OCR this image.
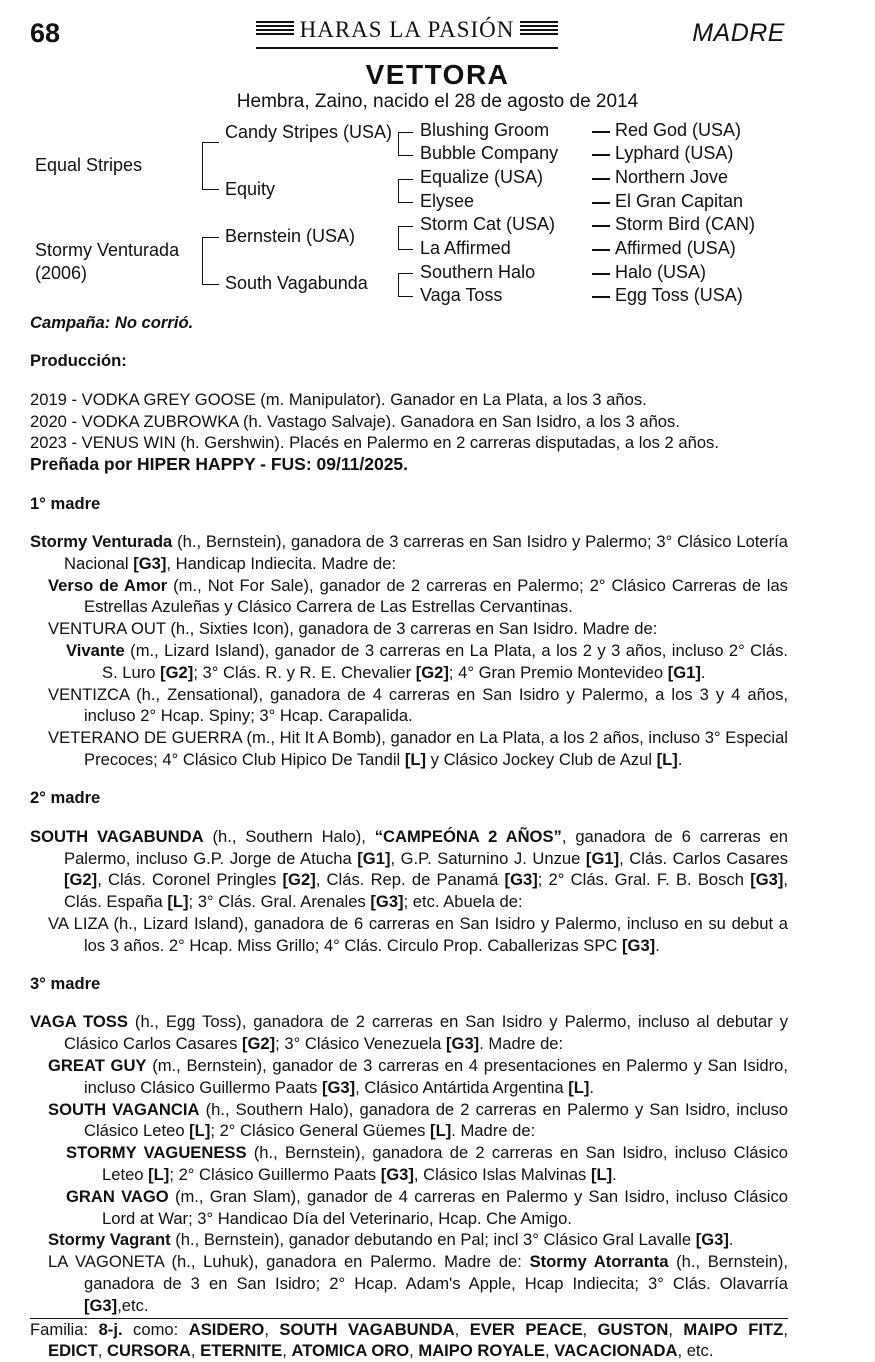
68	HARAS LA PASIÓN	MADRE
VETTORA
Hembra, Zaino, nacido el 28 de agosto de 2014
Equal Stripes
Stormy Venturada (2006)
Candy Stripes (USA)
Equity
Bernstein (USA)
South Vagabunda
Blushing Groom
Bubble Company
Equalize (USA)
Elysee
Storm Cat (USA)
La Affirmed
Southern Halo
Vaga Toss
Red God (USA)
Lyphard (USA)
Northern Jove
El Gran Capitan
Storm Bird (CAN)
Affirmed (USA)
Halo (USA)
Egg Toss (USA)

Campaña: No corrió.

Producción:

2019 - VODKA GREY GOOSE (m. Manipulator). Ganador en La Plata, a los 3 años.

2020 - VODKA ZUBROWKA (h. Vastago Salvaje). Ganadora en San Isidro, a los 3 años.

2023 - VENUS WIN (h. Gershwin). Placés en Palermo en 2 carreras disputadas, a los 2 años.

Preñada por HIPER HAPPY - FUS: 09/11/2025.

1° madre

Stormy Venturada (h., Bernstein), ganadora de 3 carreras en San Isidro y Palermo; 3° Clásico Lotería Nacional [G3], Handicap Indiecita. Madre de:

Verso de Amor (m., Not For Sale), ganador de 2 carreras en Palermo; 2° Clásico Carreras de las Estrellas Azuleñas y Clásico Carrera de Las Estrellas Cervantinas.

VENTURA OUT (h., Sixties Icon), ganadora de 3 carreras en San Isidro. Madre de:

Vivante (m., Lizard Island), ganador de 3 carreras en La Plata, a los 2 y 3 años, incluso 2° Clás. S. Luro [G2]; 3° Clás. R. y R. E. Chevalier [G2]; 4° Gran Premio Montevideo [G1].

VENTIZCA (h., Zensational), ganadora de 4 carreras en San Isidro y Palermo, a los 3 y 4 años, incluso 2° Hcap. Spiny; 3° Hcap. Carapalida.

VETERANO DE GUERRA (m., Hit It A Bomb), ganador en La Plata, a los 2 años, incluso 3° Especial Precoces; 4° Clásico Club Hipico De Tandil [L] y Clásico Jockey Club de Azul [L].

2° madre

SOUTH VAGABUNDA (h., Southern Halo), “CAMPEÓNA 2 AÑOS”, ganadora de 6 carreras en Palermo, incluso G.P. Jorge de Atucha [G1], G.P. Saturnino J. Unzue [G1], Clás. Carlos Casares [G2], Clás. Coronel Pringles [G2], Clás. Rep. de Panamá [G3]; 2° Clás. Gral. F. B. Bosch [G3], Clás. España [L]; 3° Clás. Gral. Arenales [G3]; etc. Abuela de:

VA LIZA (h., Lizard Island), ganadora de 6 carreras en San Isidro y Palermo, incluso en su debut a los 3 años. 2° Hcap. Miss Grillo; 4° Clás. Circulo Prop. Caballerizas SPC [G3].

3° madre

VAGA TOSS (h., Egg Toss), ganadora de 2 carreras en San Isidro y Palermo, incluso al debutar y Clásico Carlos Casares [G2]; 3° Clásico Venezuela [G3]. Madre de:

GREAT GUY (m., Bernstein), ganador de 3 carreras en 4 presentaciones en Palermo y San Isidro, incluso Clásico Guillermo Paats [G3], Clásico Antártida Argentina [L].

SOUTH VAGANCIA (h., Southern Halo), ganadora de 2 carreras en Palermo y San Isidro, incluso Clásico Leteo [L]; 2° Clásico General Güemes [L]. Madre de:

STORMY VAGUENESS (h., Bernstein), ganadora de 2 carreras en San Isidro, incluso Clásico Leteo [L]; 2° Clásico Guillermo Paats [G3], Clásico Islas Malvinas [L].

GRAN VAGO (m., Gran Slam), ganador de 4 carreras en Palermo y San Isidro, incluso Clásico Lord at War; 3° Handicao Día del Veterinario, Hcap. Che Amigo.

Stormy Vagrant (h., Bernstein), ganador debutando en Pal; incl 3° Clásico Gral Lavalle [G3].

LA VAGONETA (h., Luhuk), ganadora en Palermo. Madre de: Stormy Atorranta (h., Bernstein), ganadora de 3 en San Isidro; 2° Hcap. Adam's Apple, Hcap Indiecita; 3° Clás. Olavarría [G3],etc.

Familia: 8-j. como: ASIDERO, SOUTH VAGABUNDA, EVER PEACE, GUSTON, MAIPO FITZ, EDICT, CURSORA, ETERNITE, ATOMICA ORO, MAIPO ROYALE, VACACIONADA, etc.
